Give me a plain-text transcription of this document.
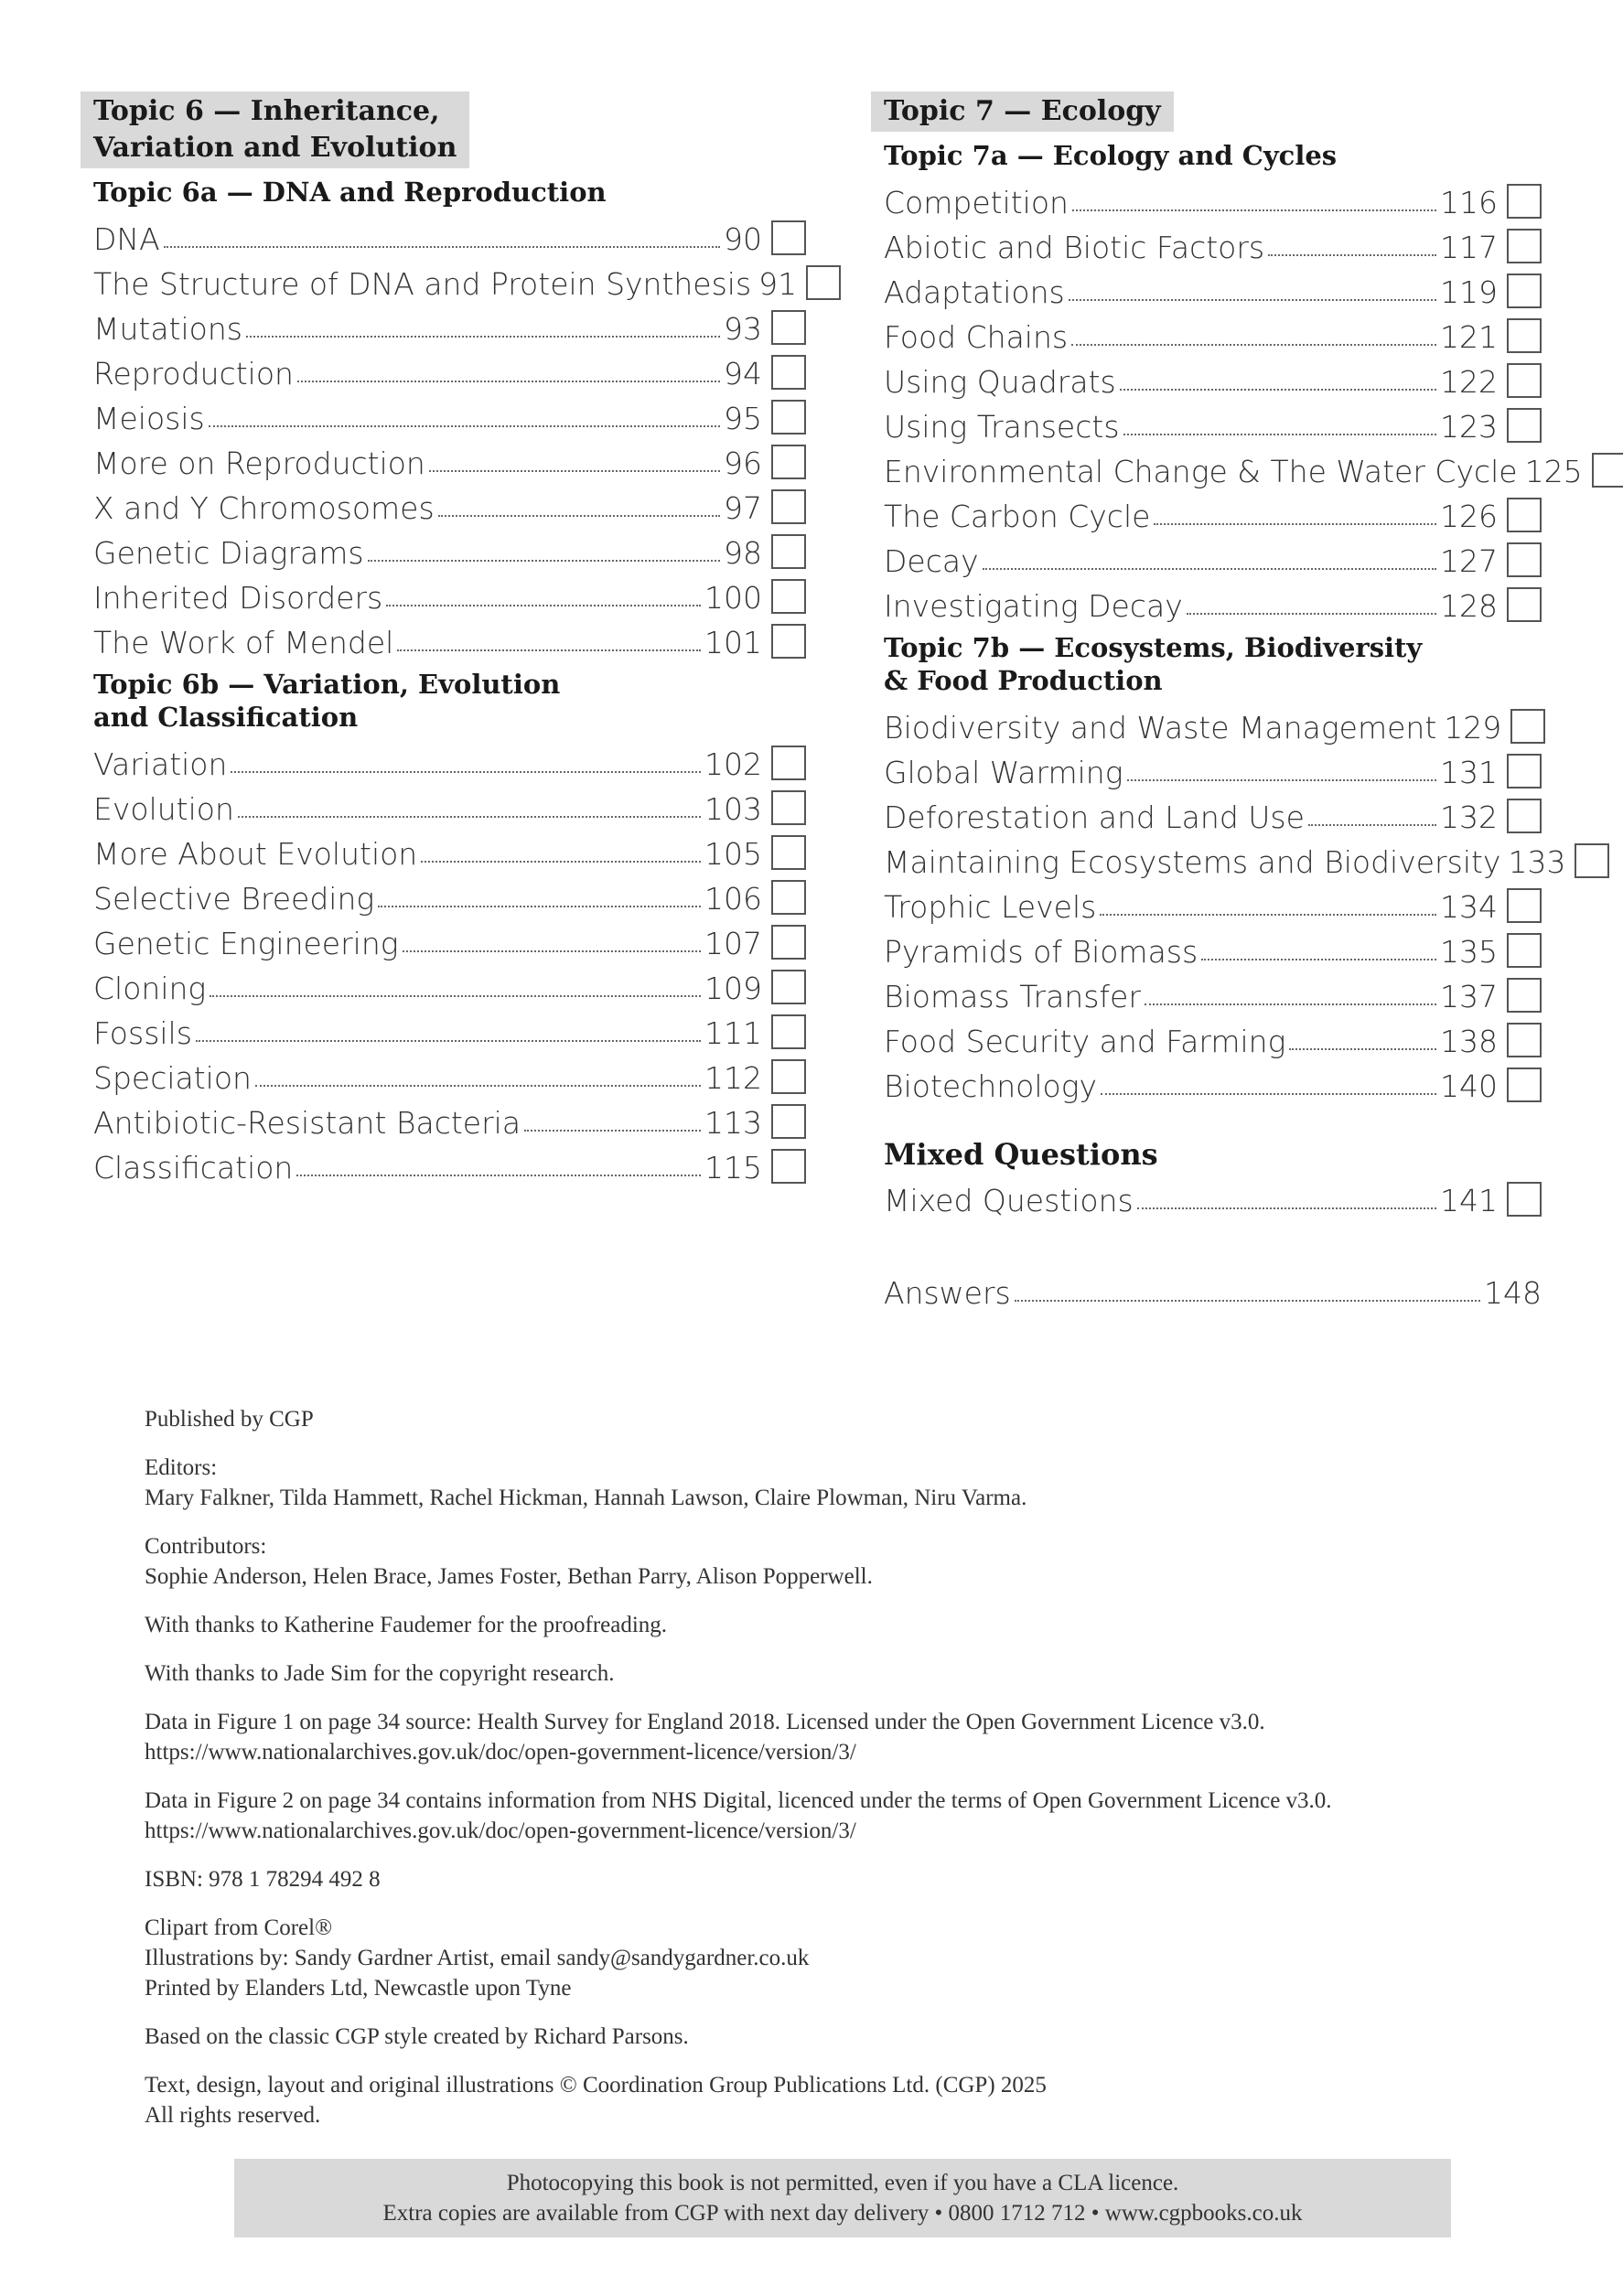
Topic 6 — Inheritance,
Variation and Evolution
Topic 6a — DNA and Reproduction
DNA	90
The Structure of DNA and Protein Synthesis 91
Mutations	93
Reproduction	94
Meiosis	95
More on Reproduction	96
X and Y Chromosomes	97
Genetic Diagrams	98
Inherited Disorders	100
The Work of Mendel	101
Topic 6b — Variation, Evolution
and Classification
Variation	102
Evolution	103
More About Evolution	105
Selective Breeding	106
Genetic Engineering	107
Cloning	109
Fossils	111
Speciation	112
Antibiotic-Resistant Bacteria	113
Classification	115
Topic 7 — Ecology
Topic 7a — Ecology and Cycles
Competition	116
Abiotic and Biotic Factors	117
Adaptations	119
Food Chains	121
Using Quadrats	122
Using Transects	123
Environmental Change & The Water Cycle 125
The Carbon Cycle	126
Decay	127
Investigating Decay	128
Topic 7b — Ecosystems, Biodiversity
& Food Production
Biodiversity and Waste Management 129
Global Warming	131
Deforestation and Land Use	132
Maintaining Ecosystems and Biodiversity 133
Trophic Levels	134
Pyramids of Biomass	135
Biomass Transfer	137
Food Security and Farming	138
Biotechnology	140
Mixed Questions
Mixed Questions	141
Answers	148

Published by CGP

Editors:
Mary Falkner, Tilda Hammett, Rachel Hickman, Hannah Lawson, Claire Plowman, Niru Varma.

Contributors:
Sophie Anderson, Helen Brace, James Foster, Bethan Parry, Alison Popperwell.

With thanks to Katherine Faudemer for the proofreading.

With thanks to Jade Sim for the copyright research.

Data in Figure 1 on page 34 source: Health Survey for England 2018. Licensed under the Open Government Licence v3.0.
https://www.nationalarchives.gov.uk/doc/open-government-licence/version/3/

Data in Figure 2 on page 34 contains information from NHS Digital, licenced under the terms of Open Government Licence v3.0.
https://www.nationalarchives.gov.uk/doc/open-government-licence/version/3/

ISBN: 978 1 78294 492 8

Clipart from Corel®
Illustrations by: Sandy Gardner Artist, email sandy@sandygardner.co.uk
Printed by Elanders Ltd, Newcastle upon Tyne

Based on the classic CGP style created by Richard Parsons.

Text, design, layout and original illustrations © Coordination Group Publications Ltd. (CGP) 2025
All rights reserved.

Photocopying this book is not permitted, even if you have a CLA licence.
Extra copies are available from CGP with next day delivery • 0800 1712 712 • www.cgpbooks.co.uk
